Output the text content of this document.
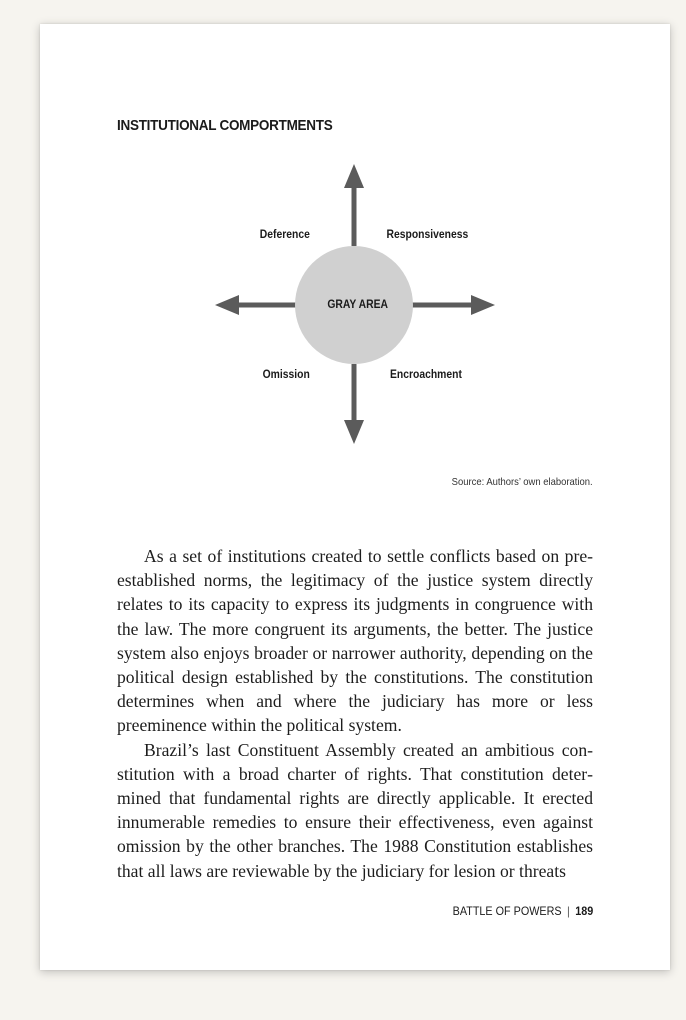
INSTITUTIONAL COMPORTMENTS
GRAY AREA
Deference	Responsiveness
Omission	Encroachment
Source: Authors’ own elaboration.

As a set of institutions created to settle conflicts based on preestablished norms, the legitimacy of the justice system directly relates to its capacity to express its judgments in congruence with the law. The more congruent its arguments, the better. The justice system also enjoys broader or narrower authority, depending on the political design established by the constitutions. The constitution determines when and where the judiciary has more or less preeminence within the political system.

Brazil’s last Constituent Assembly created an ambitious constitution with a broad charter of rights. That constitution determined that fundamental rights are directly applicable. It erected innumerable remedies to ensure their effectiveness, even against omission by the other branches. The 1988 Constitution establishes that all laws are reviewable by the judiciary for lesion or threats

BATTLE OF POWERS | 189
